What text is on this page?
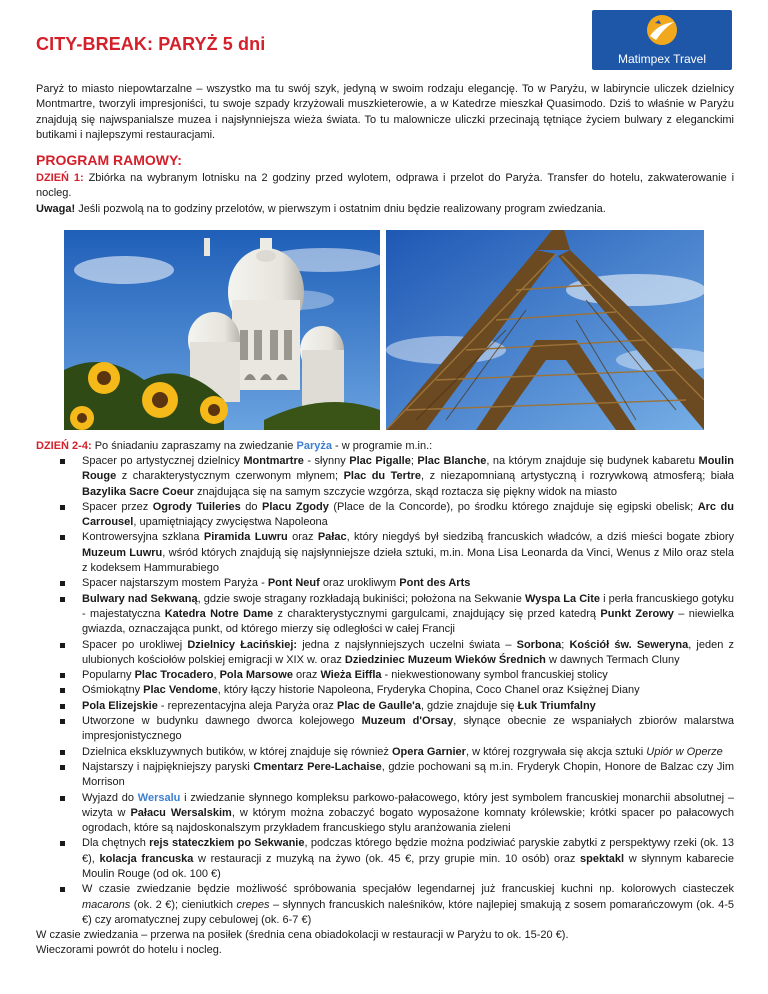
CITY-BREAK: PARYŻ 5 dni
Matimpex Travel
Paryż to miasto niepowtarzalne – wszystko ma tu swój szyk, jedyną w swoim rodzaju elegancję. To w Paryżu, w labiryncie uliczek dzielnicy Montmartre, tworzyli impresjoniści, tu swoje szpady krzyżowali muszkieterowie, a w Katedrze mieszkał Quasimodo. Dziś to właśnie w Paryżu znajdują się najwspanialsze muzea i najsłynniejsza wieża świata. To tu malownicze uliczki przecinają tętniące życiem bulwary z eleganckimi butikami i najlepszymi restauracjami.
PROGRAM RAMOWY:
DZIEŃ 1: Zbiórka na wybranym lotnisku na 2 godziny przed wylotem, odprawa i przelot do Paryża. Transfer do hotelu, zakwaterowanie i nocleg.
Uwaga! Jeśli pozwolą na to godziny przelotów, w pierwszym i ostatnim dniu będzie realizowany program zwiedzania.
DZIEŃ 2-4: Po śniadaniu zapraszamy na zwiedzanie Paryża - w programie m.in.:
Spacer po artystycznej dzielnicy Montmartre - słynny Plac Pigalle; Plac Blanche, na którym znajduje się budynek kabaretu Moulin Rouge z charakterystycznym czerwonym młynem; Plac du Tertre, z niezapomnianą artystyczną i rozrywkową atmosferą; biała Bazylika Sacre Coeur znajdująca się na samym szczycie wzgórza, skąd roztacza się piękny widok na miasto
Spacer przez Ogrody Tuileries do Placu Zgody (Place de la Concorde), po środku którego znajduje się egipski obelisk; Arc du Carrousel, upamiętniający zwycięstwa Napoleona
Kontrowersyjna szklana Piramida Luwru oraz Pałac, który niegdyś był siedzibą francuskich władców, a dziś mieści bogate zbiory Muzeum Luwru, wśród których znajdują się najsłynniejsze dzieła sztuki, m.in. Mona Lisa Leonarda da Vinci, Wenus z Milo oraz stela z kodeksem Hammurabiego
Spacer najstarszym mostem Paryża - Pont Neuf oraz urokliwym Pont des Arts
Bulwary nad Sekwaną, gdzie swoje stragany rozkładają bukiniści; położona na Sekwanie Wyspa La Cite i perła francuskiego gotyku - majestatyczna Katedra Notre Dame z charakterystycznymi gargulcami, znajdujący się przed katedrą Punkt Zerowy – niewielka gwiazda, oznaczająca punkt, od którego mierzy się odległości w całej Francji
Spacer po urokliwej Dzielnicy Łacińskiej: jedna z najsłynniejszych uczelni świata – Sorbona; Kościół św. Seweryna, jeden z ulubionych kościołów polskiej emigracji w XIX w. oraz Dziedziniec Muzeum Wieków Średnich w dawnych Termach Cluny
Popularny Plac Trocadero, Pola Marsowe oraz Wieża Eiffla - niekwestionowany symbol francuskiej stolicy
Ośmiokątny Plac Vendome, który łączy historie Napoleona, Fryderyka Chopina, Coco Chanel oraz Księżnej Diany
Pola Elizejskie - reprezentacyjna aleja Paryża oraz Plac de Gaulle'a, gdzie znajduje się Łuk Triumfalny
Utworzone w budynku dawnego dworca kolejowego Muzeum d'Orsay, słynące obecnie ze wspaniałych zbiorów malarstwa impresjonistycznego
Dzielnica ekskluzywnych butików, w której znajduje się również Opera Garnier, w której rozgrywała się akcja sztuki Upiór w Operze
Najstarszy i najpiękniejszy paryski Cmentarz Pere-Lachaise, gdzie pochowani są m.in. Fryderyk Chopin, Honore de Balzac czy Jim Morrison
Wyjazd do Wersalu i zwiedzanie słynnego kompleksu parkowo-pałacowego, który jest symbolem francuskiej monarchii absolutnej – wizyta w Pałacu Wersalskim, w którym można zobaczyć bogato wyposażone komnaty królewskie; krótki spacer po pałacowych ogrodach, które są najdoskonalszym przykładem francuskiego stylu aranżowania zieleni
Dla chętnych rejs stateczkiem po Sekwanie, podczas którego będzie można podziwiać paryskie zabytki z perspektywy rzeki (ok. 13 €), kolacja francuska w restauracji z muzyką na żywo (ok. 45 €, przy grupie min. 10 osób) oraz spektakl w słynnym kabarecie Moulin Rouge (od ok. 100 €)
W czasie zwiedzanie będzie możliwość spróbowania specjałów legendarnej już francuskiej kuchni np. kolorowych ciasteczek macarons (ok. 2 €); cieniutkich crepes – słynnych francuskich naleśników, które najlepiej smakują z sosem pomarańczowym (ok. 4-5 €) czy aromatycznej zupy cebulowej (ok. 6-7 €)
W czasie zwiedzania – przerwa na posiłek (średnia cena obiadokolacji w restauracji w Paryżu to ok. 15-20 €).
Wieczorami powrót do hotelu i nocleg.
